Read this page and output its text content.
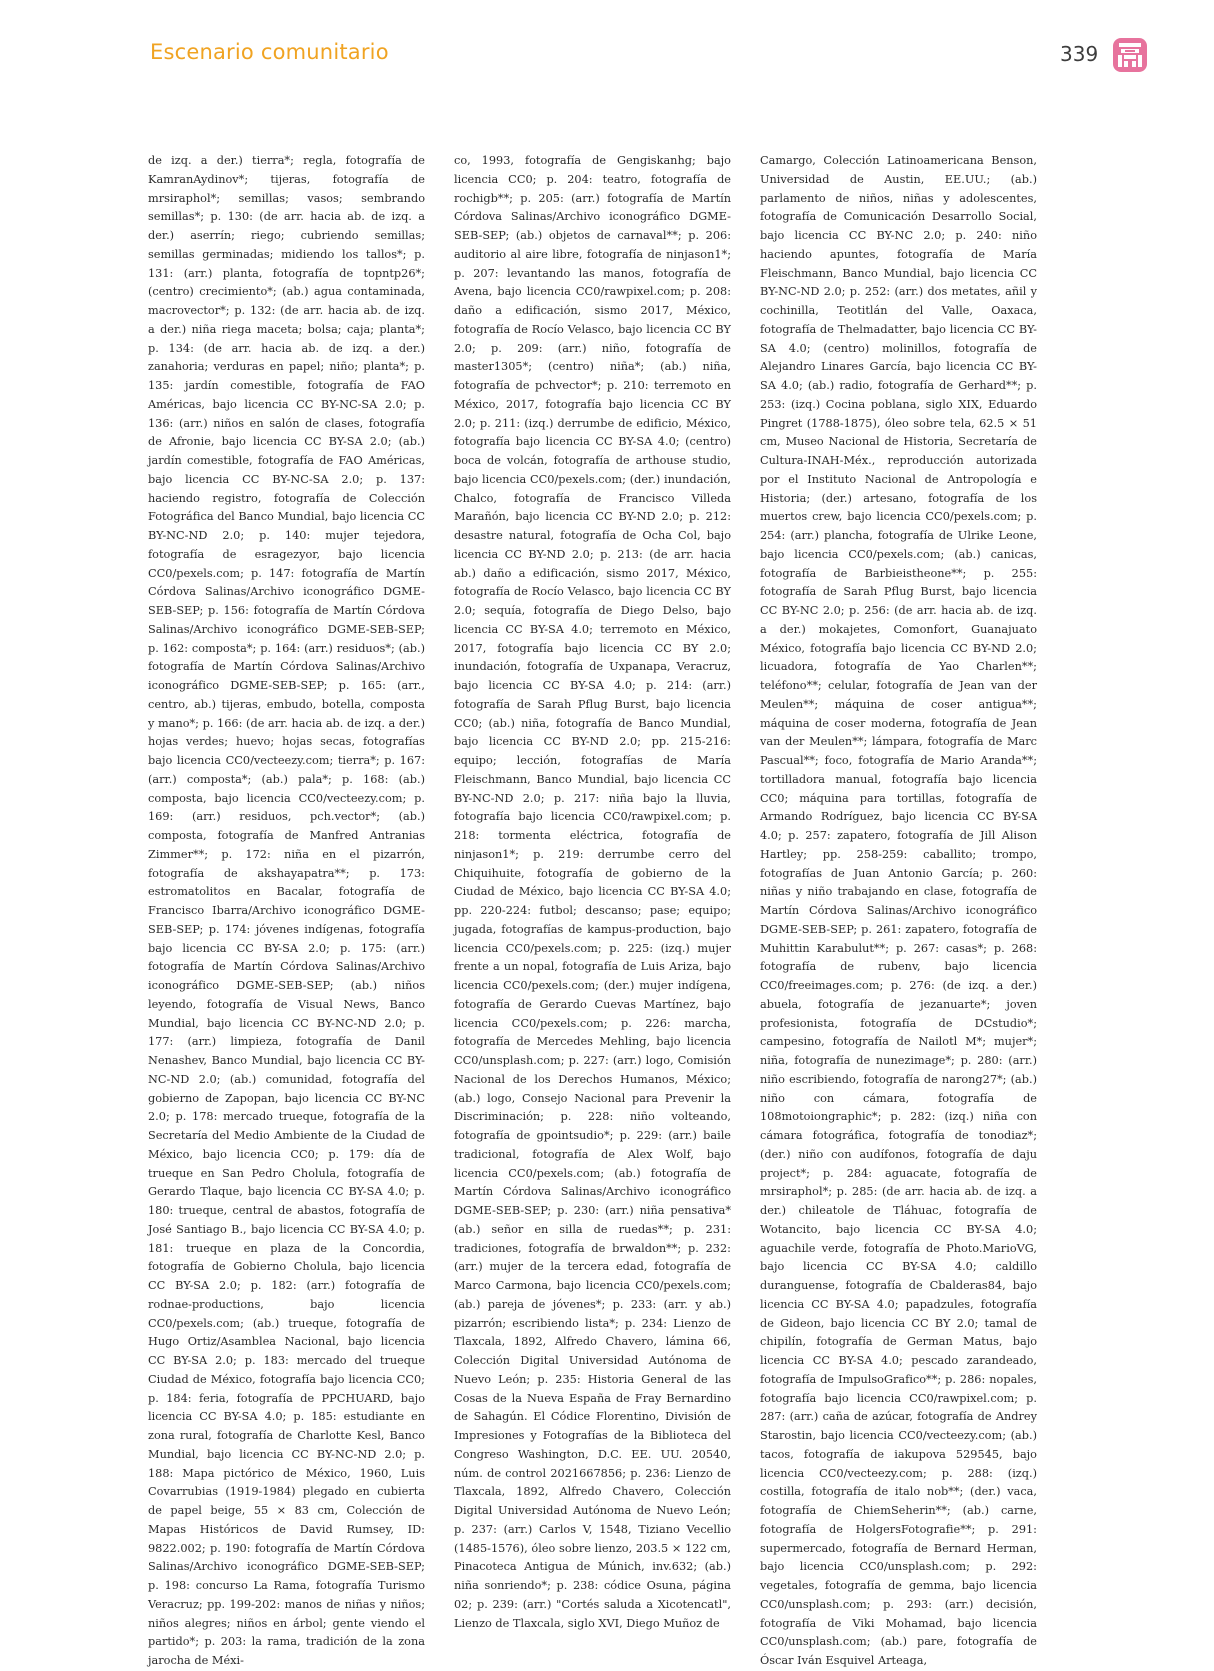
Escenario comunitario	339
de izq. a der.) tierra*; regla, fotografía de KamranAydinov*; tijeras, fotografía de mrsiraphol*; semillas; vasos; sembrando semillas*; p. 130: (de arr. hacia ab. de izq. a der.) aserrín; riego; cubriendo semillas; semillas germinadas; midiendo los tallos*; p. 131: (arr.) planta, fotografía de topntp26*; (centro) crecimiento*; (ab.) agua contaminada, macrovector*; p. 132: (de arr. hacia ab. de izq. a der.) niña riega maceta; bolsa; caja; planta*; p. 134: (de arr. hacia ab. de izq. a der.) zanahoria; verduras en papel; niño; planta*; p. 135: jardín comestible, fotografía de FAO Américas, bajo licencia CC BY-NC-SA 2.0; p. 136: (arr.) niños en salón de clases, fotografía de Afronie, bajo licencia CC BY-SA 2.0; (ab.) jardín comestible, fotografía de FAO Américas, bajo licencia CC BY-NC-SA 2.0; p. 137: haciendo registro, fotografía de Colección Fotográfica del Banco Mundial, bajo licencia CC BY-NC-ND 2.0; p. 140: mujer tejedora, fotografía de esragezyor, bajo licencia CC0/pexels.com; p. 147: fotografía de Martín Córdova Salinas/Archivo iconográfico DGME-SEB-SEP; p. 156: fotografía de Martín Córdova Salinas/Archivo iconográfico DGME-SEB-SEP; p. 162: composta*; p. 164: (arr.) residuos*; (ab.) fotografía de Martín Córdova Salinas/Archivo iconográfico DGME-SEB-SEP; p. 165: (arr., centro, ab.) tijeras, embudo, botella, composta y mano*; p. 166: (de arr. hacia ab. de izq. a der.) hojas verdes; huevo; hojas secas, fotografías bajo licencia CC0/vecteezy.com; tierra*; p. 167: (arr.) composta*; (ab.) pala*; p. 168: (ab.) composta, bajo licencia CC0/vecteezy.com; p. 169: (arr.) residuos, pch.vector*; (ab.) composta, fotografía de Manfred Antranias Zimmer**; p. 172: niña en el pizarrón, fotografía de akshayapatra**; p. 173: estromatolitos en Bacalar, fotografía de Francisco Ibarra/Archivo iconográfico DGME-SEB-SEP; p. 174: jóvenes indígenas, fotografía bajo licencia CC BY-SA 2.0; p. 175: (arr.) fotografía de Martín Córdova Salinas/Archivo iconográfico DGME-SEB-SEP; (ab.) niños leyendo, fotografía de Visual News, Banco Mundial, bajo licencia CC BY-NC-ND 2.0; p. 177: (arr.) limpieza, fotografía de Danil Nenashev, Banco Mundial, bajo licencia CC BY-NC-ND 2.0; (ab.) comunidad, fotografía del gobierno de Zapopan, bajo licencia CC BY-NC 2.0; p. 178: mercado trueque, fotografía de la Secretaría del Medio Ambiente de la Ciudad de México, bajo licencia CC0; p. 179: día de trueque en San Pedro Cholula, fotografía de Gerardo Tlaque, bajo licencia CC BY-SA 4.0; p. 180: trueque, central de abastos, fotografía de José Santiago B., bajo licencia CC BY-SA 4.0; p. 181: trueque en plaza de la Concordia, fotografía de Gobierno Cholula, bajo licencia CC BY-SA 2.0; p. 182: (arr.) fotografía de rodnae-productions, bajo licencia CC0/pexels.com; (ab.) trueque, fotografía de Hugo Ortiz/Asamblea Nacional, bajo licencia CC BY-SA 2.0; p. 183: mercado del trueque Ciudad de México, fotografía bajo licencia CC0; p. 184: feria, fotografía de PPCHUARD, bajo licencia CC BY-SA 4.0; p. 185: estudiante en zona rural, fotografía de Charlotte Kesl, Banco Mundial, bajo licencia CC BY-NC-ND 2.0; p. 188: Mapa pictórico de México, 1960, Luis Covarrubias (1919-1984) plegado en cubierta de papel beige, 55 × 83 cm, Colección de Mapas Históricos de David Rumsey, ID: 9822.002; p. 190: fotografía de Martín Córdova Salinas/Archivo iconográfico DGME-SEB-SEP; p. 198: concurso La Rama, fotografía Turismo Veracruz; pp. 199-202: manos de niñas y niños; niños alegres; niños en árbol; gente viendo el partido*; p. 203: la rama, tradición de la zona jarocha de Méxi-
co, 1993, fotografía de Gengiskanhg; bajo licencia CC0; p. 204: teatro, fotografía de rochigb**; p. 205: (arr.) fotografía de Martín Córdova Salinas/Archivo iconográfico DGME-SEB-SEP; (ab.) objetos de carnaval**; p. 206: auditorio al aire libre, fotografía de ninjason1*; p. 207: levantando las manos, fotografía de Avena, bajo licencia CC0/rawpixel.com; p. 208: daño a edificación, sismo 2017, México, fotografía de Rocío Velasco, bajo licencia CC BY 2.0; p. 209: (arr.) niño, fotografía de master1305*; (centro) niña*; (ab.) niña, fotografía de pchvector*; p. 210: terremoto en México, 2017, fotografía bajo licencia CC BY 2.0; p. 211: (izq.) derrumbe de edificio, México, fotografía bajo licencia CC BY-SA 4.0; (centro) boca de volcán, fotografía de arthouse studio, bajo licencia CC0/pexels.com; (der.) inundación, Chalco, fotografía de Francisco Villeda Marañón, bajo licencia CC BY-ND 2.0; p. 212: desastre natural, fotografía de Ocha Col, bajo licencia CC BY-ND 2.0; p. 213: (de arr. hacia ab.) daño a edificación, sismo 2017, México, fotografía de Rocío Velasco, bajo licencia CC BY 2.0; sequía, fotografía de Diego Delso, bajo licencia CC BY-SA 4.0; terremoto en México, 2017, fotografía bajo licencia CC BY 2.0; inundación, fotografía de Uxpanapa, Veracruz, bajo licencia CC BY-SA 4.0; p. 214: (arr.) fotografía de Sarah Pflug Burst, bajo licencia CC0; (ab.) niña, fotografía de Banco Mundial, bajo licencia CC BY-ND 2.0; pp. 215-216: equipo; lección, fotografías de María Fleischmann, Banco Mundial, bajo licencia CC BY-NC-ND 2.0; p. 217: niña bajo la lluvia, fotografía bajo licencia CC0/rawpixel.com; p. 218: tormenta eléctrica, fotografía de ninjason1*; p. 219: derrumbe cerro del Chiquihuite, fotografía de gobierno de la Ciudad de México, bajo licencia CC BY-SA 4.0; pp. 220-224: futbol; descanso; pase; equipo; jugada, fotografías de kampus-production, bajo licencia CC0/pexels.com; p. 225: (izq.) mujer frente a un nopal, fotografía de Luis Ariza, bajo licencia CC0/pexels.com; (der.) mujer indígena, fotografía de Gerardo Cuevas Martínez, bajo licencia CC0/pexels.com; p. 226: marcha, fotografía de Mercedes Mehling, bajo licencia CC0/unsplash.com; p. 227: (arr.) logo, Comisión Nacional de los Derechos Humanos, México; (ab.) logo, Consejo Nacional para Prevenir la Discriminación; p. 228: niño volteando, fotografía de gpointsudio*; p. 229: (arr.) baile tradicional, fotografía de Alex Wolf, bajo licencia CC0/pexels.com; (ab.) fotografía de Martín Córdova Salinas/Archivo iconográfico DGME-SEB-SEP; p. 230: (arr.) niña pensativa* (ab.) señor en silla de ruedas**; p. 231: tradiciones, fotografía de brwaldon**; p. 232: (arr.) mujer de la tercera edad, fotografía de Marco Carmona, bajo licencia CC0/pexels.com; (ab.) pareja de jóvenes*; p. 233: (arr. y ab.) pizarrón; escribiendo lista*; p. 234: Lienzo de Tlaxcala, 1892, Alfredo Chavero, lámina 66, Colección Digital Universidad Autónoma de Nuevo León; p. 235: Historia General de las Cosas de la Nueva España de Fray Bernardino de Sahagún. El Códice Florentino, División de Impresiones y Fotografías de la Biblioteca del Congreso Washington, D.C. EE. UU. 20540, núm. de control 2021667856; p. 236: Lienzo de Tlaxcala, 1892, Alfredo Chavero, Colección Digital Universidad Autónoma de Nuevo León; p. 237: (arr.) Carlos V, 1548, Tiziano Vecellio (1485-1576), óleo sobre lienzo, 203.5 × 122 cm, Pinacoteca Antigua de Múnich, inv.632; (ab.) niña sonriendo*; p. 238: códice Osuna, página 02; p. 239: (arr.) "Cortés saluda a Xicotencatl", Lienzo de Tlaxcala, siglo XVI, Diego Muñoz de
Camargo, Colección Latinoamericana Benson, Universidad de Austin, EE.UU.; (ab.) parlamento de niños, niñas y adolescentes, fotografía de Comunicación Desarrollo Social, bajo licencia CC BY-NC 2.0; p. 240: niño haciendo apuntes, fotografía de María Fleischmann, Banco Mundial, bajo licencia CC BY-NC-ND 2.0; p. 252: (arr.) dos metates, añil y cochinilla, Teotitlán del Valle, Oaxaca, fotografía de Thelmadatter, bajo licencia CC BY-SA 4.0; (centro) molinillos, fotografía de Alejandro Linares García, bajo licencia CC BY-SA 4.0; (ab.) radio, fotografía de Gerhard**; p. 253: (izq.) Cocina poblana, siglo XIX, Eduardo Pingret (1788-1875), óleo sobre tela, 62.5 × 51 cm, Museo Nacional de Historia, Secretaría de Cultura-INAH-Méx., reproducción autorizada por el Instituto Nacional de Antropología e Historia; (der.) artesano, fotografía de los muertos crew, bajo licencia CC0/pexels.com; p. 254: (arr.) plancha, fotografía de Ulrike Leone, bajo licencia CC0/pexels.com; (ab.) canicas, fotografía de Barbieistheone**; p. 255: fotografía de Sarah Pflug Burst, bajo licencia CC BY-NC 2.0; p. 256: (de arr. hacia ab. de izq. a der.) mokajetes, Comonfort, Guanajuato México, fotografía bajo licencia CC BY-ND 2.0; licuadora, fotografía de Yao Charlen**; teléfono**; celular, fotografía de Jean van der Meulen**; máquina de coser antigua**; máquina de coser moderna, fotografía de Jean van der Meulen**; lámpara, fotografía de Marc Pascual**; foco, fotografía de Mario Aranda**; tortilladora manual, fotografía bajo licencia CC0; máquina para tortillas, fotografía de Armando Rodríguez, bajo licencia CC BY-SA 4.0; p. 257: zapatero, fotografía de Jill Alison Hartley; pp. 258-259: caballito; trompo, fotografías de Juan Antonio García; p. 260: niñas y niño trabajando en clase, fotografía de Martín Córdova Salinas/Archivo iconográfico DGME-SEB-SEP; p. 261: zapatero, fotografía de Muhittin Karabulut**; p. 267: casas*; p. 268: fotografía de rubenv, bajo licencia CC0/freeimages.com; p. 276: (de izq. a der.) abuela, fotografía de jezanuarte*; joven profesionista, fotografía de DCstudio*; campesino, fotografía de Nailotl M*; mujer*; niña, fotografía de nunezimage*; p. 280: (arr.) niño escribiendo, fotografía de narong27*; (ab.) niño con cámara, fotografía de 108motoiongraphic*; p. 282: (izq.) niña con cámara fotográfica, fotografía de tonodiaz*; (der.) niño con audífonos, fotografía de daju project*; p. 284: aguacate, fotografía de mrsiraphol*; p. 285: (de arr. hacia ab. de izq. a der.) chileatole de Tláhuac, fotografía de Wotancito, bajo licencia CC BY-SA 4.0; aguachile verde, fotografía de Photo.MarioVG, bajo licencia CC BY-SA 4.0; caldillo duranguense, fotografía de Cbalderas84, bajo licencia CC BY-SA 4.0; papadzules, fotografía de Gideon, bajo licencia CC BY 2.0; tamal de chipilín, fotografía de German Matus, bajo licencia CC BY-SA 4.0; pescado zarandeado, fotografía de ImpulsoGrafico**; p. 286: nopales, fotografía bajo licencia CC0/rawpixel.com; p. 287: (arr.) caña de azúcar, fotografía de Andrey Starostin, bajo licencia CC0/vecteezy.com; (ab.) tacos, fotografía de iakupova 529545, bajo licencia CC0/vecteezy.com; p. 288: (izq.) costilla, fotografía de italo nob**; (der.) vaca, fotografía de ChiemSeherin**; (ab.) carne, fotografía de HolgersFotografie**; p. 291: supermercado, fotografía de Bernard Herman, bajo licencia CC0/unsplash.com; p. 292: vegetales, fotografía de gemma, bajo licencia CC0/unsplash.com; p. 293: (arr.) decisión, fotografía de Viki Mohamad, bajo licencia CC0/unsplash.com; (ab.) pare, fotografía de Óscar Iván Esquivel Arteaga,
